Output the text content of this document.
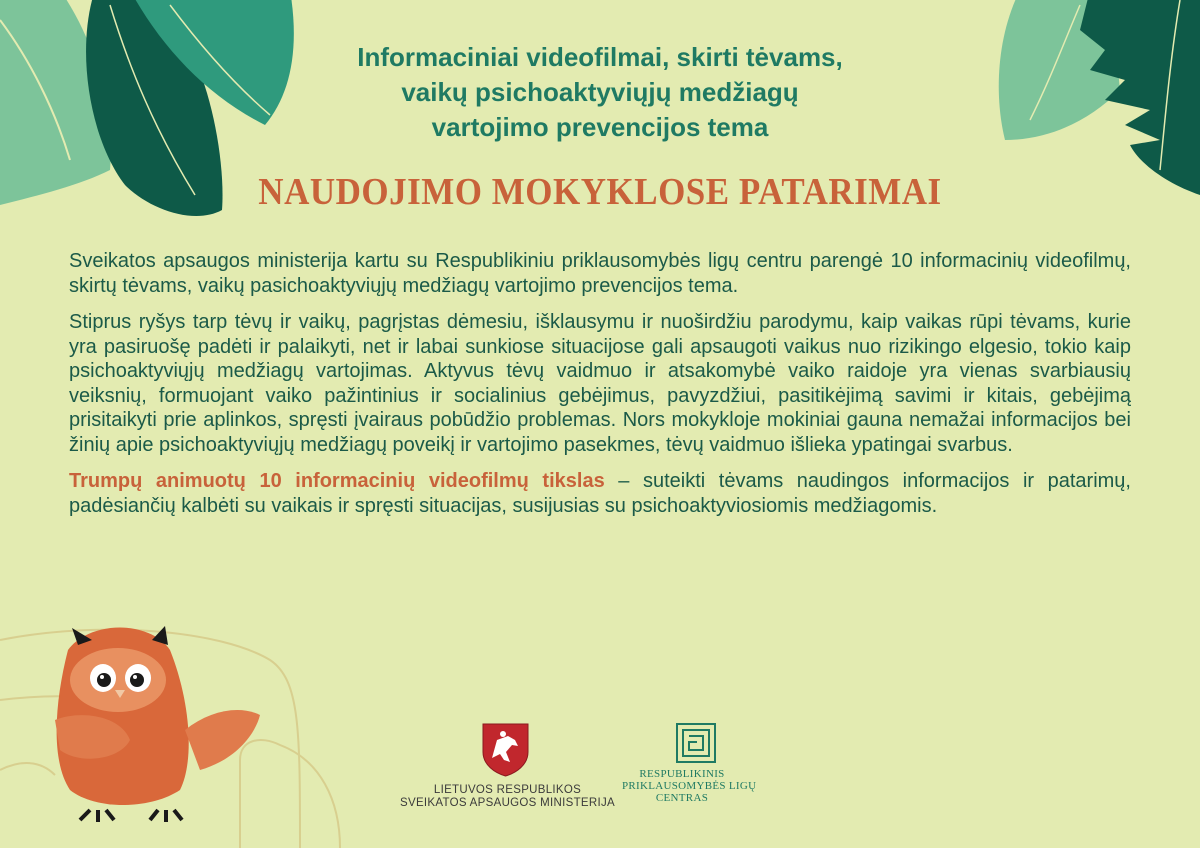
Informaciniai videofilmai, skirti tėvams,
vaikų psichoaktyviųjų medžiagų
vartojimo prevencijos tema
NAUDOJIMO MOKYKLOSE PATARIMAI

Sveikatos apsaugos ministerija kartu su Respublikiniu priklausomybės ligų centru parengė 10 informacinių videofilmų, skirtų tėvams, vaikų pasichoaktyviųjų medžiagų vartojimo prevencijos tema.

Stiprus ryšys tarp tėvų ir vaikų, pagrįstas dėmesiu, išklausymu ir nuoširdžiu parodymu, kaip vaikas rūpi tėvams, kurie yra pasiruošę padėti ir palaikyti, net ir labai sunkiose situacijose gali apsaugoti vaikus nuo rizikingo elgesio, tokio kaip psichoaktyviųjų medžiagų vartojimas. Aktyvus tėvų vaidmuo ir atsakomybė vaiko raidoje yra vienas svarbiausių veiksnių, formuojant vaiko pažintinius ir socialinius gebėjimus, pavyzdžiui, pasitikėjimą savimi ir kitais, gebėjimą prisitaikyti prie aplinkos, spręsti įvairaus pobūdžio problemas. Nors mokykloje mokiniai gauna nemažai informacijos bei žinių apie psichoaktyviųjų medžiagų poveikį ir vartojimo pasekmes, tėvų vaidmuo išlieka ypatingai svarbus.

Trumpų animuotų 10 informacinių videofilmų tikslas – suteikti tėvams naudingos informacijos ir patarimų, padėsiančių kalbėti su vaikais ir spręsti situacijas, susijusias su psichoaktyviosiomis medžiagomis.

LIETUVOS RESPUBLIKOS
SVEIKATOS APSAUGOS MINISTERIJA
RESPUBLIKINIS
PRIKLAUSOMYBĖS LIGŲ
CENTRAS
